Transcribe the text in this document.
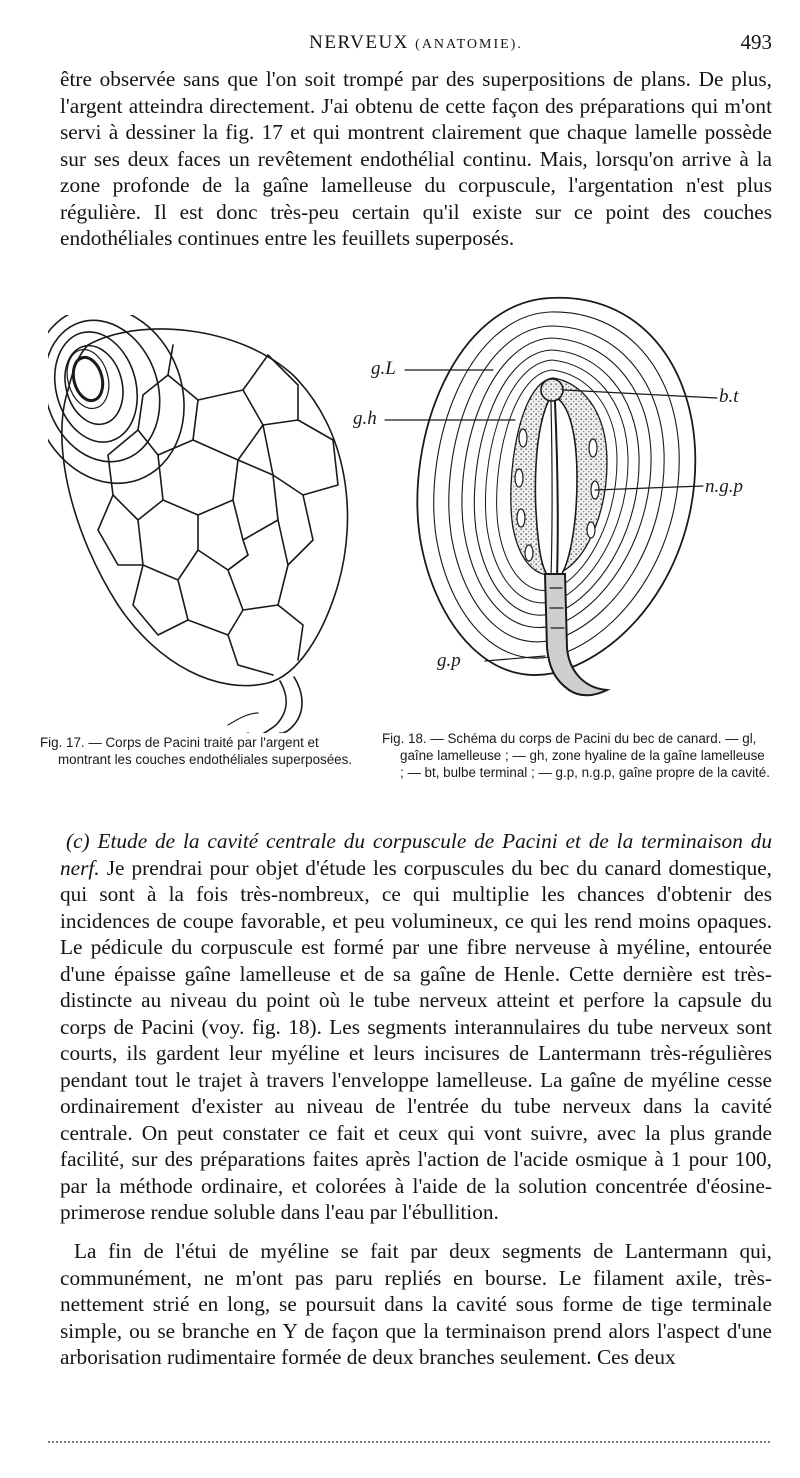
NERVEUX (ANATOMIE).	493

être observée sans que l'on soit trompé par des superpositions de plans. De plus, l'argent atteindra directement. J'ai obtenu de cette façon des préparations qui m'ont servi à dessiner la fig. 17 et qui montrent clairement que chaque lamelle possède sur ses deux faces un revêtement endothélial continu. Mais, lorsqu'on arrive à la zone profonde de la gaîne lamelleuse du corpuscule, l'argentation n'est plus régulière. Il est donc très-peu certain qu'il existe sur ce point des couches endothéliales continues entre les feuillets superposés.

g.L
g.h
b.t
n.g.p
g.p

Fig. 17. — Corps de Pacini traité par l'argent et montrant les couches endothéliales superposées.

Fig. 18. — Schéma du corps de Pacini du bec de canard. — gl, gaîne lamelleuse ; — gh, zone hyaline de la gaîne lamelleuse ; — bt, bulbe terminal ; — g.p, n.g.p, gaîne propre de la cavité.

(c) Etude de la cavité centrale du corpuscule de Pacini et de la terminaison du nerf. Je prendrai pour objet d'étude les corpuscules du bec du canard domestique, qui sont à la fois très-nombreux, ce qui multiplie les chances d'obtenir des incidences de coupe favorable, et peu volumineux, ce qui les rend moins opaques. Le pédicule du corpuscule est formé par une fibre nerveuse à myéline, entourée d'une épaisse gaîne lamelleuse et de sa gaîne de Henle. Cette dernière est très-distincte au niveau du point où le tube nerveux atteint et perfore la capsule du corps de Pacini (voy. fig. 18). Les segments interannulaires du tube nerveux sont courts, ils gardent leur myéline et leurs incisures de Lantermann très-régulières pendant tout le trajet à travers l'enveloppe lamelleuse. La gaîne de myéline cesse ordinairement d'exister au niveau de l'entrée du tube nerveux dans la cavité centrale. On peut constater ce fait et ceux qui vont suivre, avec la plus grande facilité, sur des préparations faites après l'action de l'acide osmique à 1 pour 100, par la méthode ordinaire, et colorées à l'aide de la solution concentrée d'éosine-primerose rendue soluble dans l'eau par l'ébullition.

La fin de l'étui de myéline se fait par deux segments de Lantermann qui, communément, ne m'ont pas paru repliés en bourse. Le filament axile, très-nettement strié en long, se poursuit dans la cavité sous forme de tige terminale simple, ou se branche en Y de façon que la terminaison prend alors l'aspect d'une arborisation rudimentaire formée de deux branches seulement. Ces deux
